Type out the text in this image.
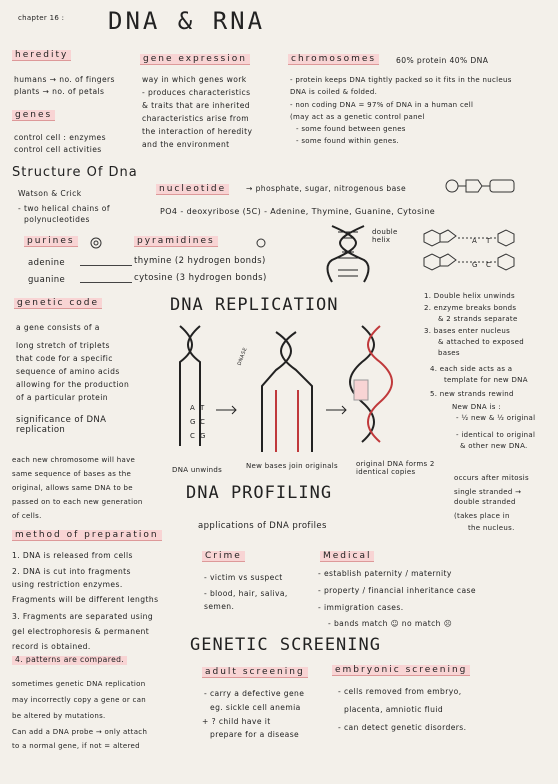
chapter 16 : DNA & RNA
heredity
humans → no. of fingers
plants → no. of petals
genes
control cell : enzymes
control cell activities
gene expression
way in which genes work
- produces characteristics
& traits that are inherited
characteristics arise from
the interaction of heredity
and the environment
chromosomes	60% protein 40% DNA
- protein keeps DNA tightly packed so it fits in the nucleus
DNA is coiled & folded.
- non coding DNA = 97% of DNA in a human cell
(may act as a genetic control panel
- some found between genes
- some found within genes.
Structure Of Dna
Watson & Crick
- two helical chains of
polynucleotides
nucleotide	→ phosphate, sugar, nitrogenous base
PO4 - deoxyribose (5C) - Adenine, Thymine, Guanine, Cytosine
purines
adenine
guanine
pyramidines
thymine (2 hydrogen bonds)
cytosine (3 hydrogen bonds)
double helix	A T
G C
genetic code
a gene consists of a
long stretch of triplets
that code for a specific
sequence of amino acids
allowing for the production
of a particular protein
significance of DNA replication
each new chromosome will have
same sequence of bases as the
original, allows same DNA to be
passed on to each new generation
of cells.
DNA REPLICATION
DNASE
A T
G C
C G
DNA unwinds	New bases join originals	original DNA forms 2 identical copies
1. Double helix unwinds
2. enzyme breaks bonds
& 2 strands separate
3. bases enter nucleus
& attached to exposed
bases
4. each side acts as a
template for new DNA
5. new strands rewind
New DNA is :
- ½ new & ½ original
- identical to original
& other new DNA.
occurs after mitosis
single stranded →
double stranded
(takes place in
the nucleus.
DNA PROFILING
applications of DNA profiles
Crime
- victim vs suspect
- blood, hair, saliva,
semen.
Medical
- establish paternity / maternity
- property / financial inheritance case
- immigration cases.
- bands match ☺ no match ☹
method of preparation
1. DNA is released from cells
2. DNA is cut into fragments
using restriction enzymes.
Fragments will be different lengths
3. Fragments are separated using
gel electrophoresis & permanent
record is obtained.
4. patterns are compared.
GENETIC SCREENING
sometimes genetic DNA replication
may incorrectly copy a gene or can
be altered by mutations.
Can add a DNA probe → only attach
to a normal gene, if not = altered
adult screening
- carry a defective gene
eg. sickle cell anemia
+ ? child have it
prepare for a disease
embryonic screening
- cells removed from embryo,
placenta, amniotic fluid
- can detect genetic disorders.
